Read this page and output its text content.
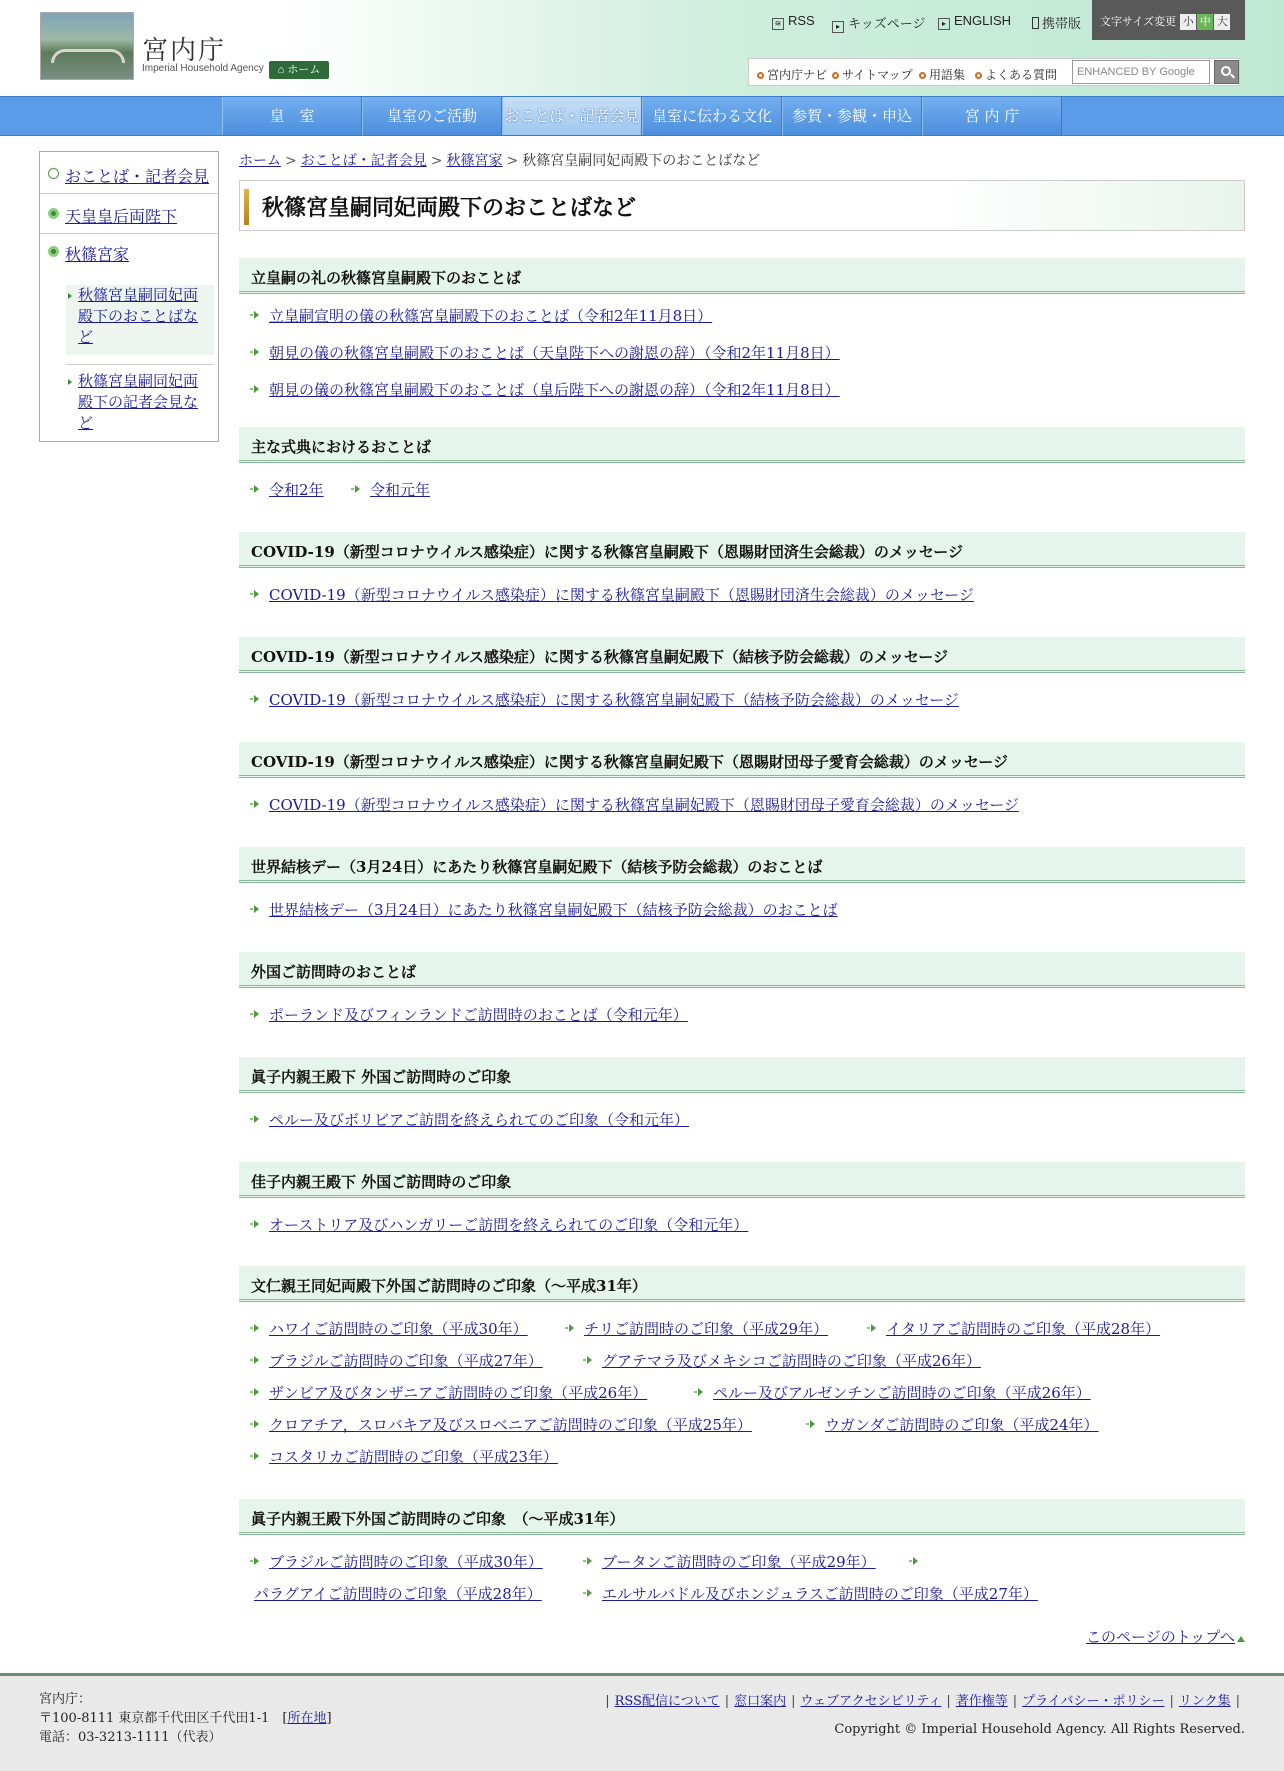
宮内庁
Imperial Household Agency	⌂ ホーム
≋ RSS	▸ キッズページ	▸ ENGLISH	携帯版	文字サイズ変更 小 中 大
宮内庁ナビ	サイトマップ	用語集	よくある質問	ENHANCED BY Google
皇　室	皇室のご活動	おことば・記者会見 皇室に伝わる文化	参賀・参観・申込	宮 内 庁
おことば・記者会見
天皇皇后両陛下
秋篠宮家
秋篠宮皇嗣同妃両殿下のおことばなど
秋篠宮皇嗣同妃両殿下の記者会見など
ホーム > おことば・記者会見 > 秋篠宮家 > 秋篠宮皇嗣同妃両殿下のおことばなど
秋篠宮皇嗣同妃両殿下のおことばなど
立皇嗣の礼の秋篠宮皇嗣殿下のおことば
立皇嗣宣明の儀の秋篠宮皇嗣殿下のおことば（令和2年11月8日）
朝見の儀の秋篠宮皇嗣殿下のおことば（天皇陛下への謝恩の辞）（令和2年11月8日）
朝見の儀の秋篠宮皇嗣殿下のおことば（皇后陛下への謝恩の辞）（令和2年11月8日）
主な式典におけるおことば
令和2年	令和元年
COVID-19（新型コロナウイルス感染症）に関する秋篠宮皇嗣殿下（恩賜財団済生会総裁）のメッセージ
COVID-19（新型コロナウイルス感染症）に関する秋篠宮皇嗣殿下（恩賜財団済生会総裁）のメッセージ
COVID-19（新型コロナウイルス感染症）に関する秋篠宮皇嗣妃殿下（結核予防会総裁）のメッセージ
COVID-19（新型コロナウイルス感染症）に関する秋篠宮皇嗣妃殿下（結核予防会総裁）のメッセージ
COVID-19（新型コロナウイルス感染症）に関する秋篠宮皇嗣妃殿下（恩賜財団母子愛育会総裁）のメッセージ
COVID-19（新型コロナウイルス感染症）に関する秋篠宮皇嗣妃殿下（恩賜財団母子愛育会総裁）のメッセージ
世界結核デー（3月24日）にあたり秋篠宮皇嗣妃殿下（結核予防会総裁）のおことば
世界結核デー（3月24日）にあたり秋篠宮皇嗣妃殿下（結核予防会総裁）のおことば
外国ご訪問時のおことば
ポーランド及びフィンランドご訪問時のおことば（令和元年）
眞子内親王殿下 外国ご訪問時のご印象
ペルー及びボリビアご訪問を終えられてのご印象（令和元年）
佳子内親王殿下 外国ご訪問時のご印象
オーストリア及びハンガリーご訪問を終えられてのご印象（令和元年）
文仁親王同妃両殿下外国ご訪問時のご印象（～平成31年）
ハワイご訪問時のご印象（平成30年）	チリご訪問時のご印象（平成29年）	イタリアご訪問時のご印象（平成28年）
ブラジルご訪問時のご印象（平成27年）	グアテマラ及びメキシコご訪問時のご印象（平成26年）
ザンビア及びタンザニアご訪問時のご印象（平成26年）	ペルー及びアルゼンチンご訪問時のご印象（平成26年）
クロアチア，スロバキア及びスロベニアご訪問時のご印象（平成25年）	ウガンダご訪問時のご印象（平成24年）
コスタリカご訪問時のご印象（平成23年）
眞子内親王殿下外国ご訪問時のご印象　（～平成31年）
ブラジルご訪問時のご印象（平成30年）	ブータンご訪問時のご印象（平成29年）
パラグアイご訪問時のご印象（平成28年）	エルサルバドル及びホンジュラスご訪問時のご印象（平成27年）
このページのトップへ
宮内庁：
〒100-8111 東京都千代田区千代田1-1　[所在地]
電話：03-3213-1111（代表）
| RSS配信について | 窓口案内 | ウェブアクセシビリティ | 著作権等 | プライバシー・ポリシー | リンク集 |
Copyright © Imperial Household Agency. All Rights Reserved.
